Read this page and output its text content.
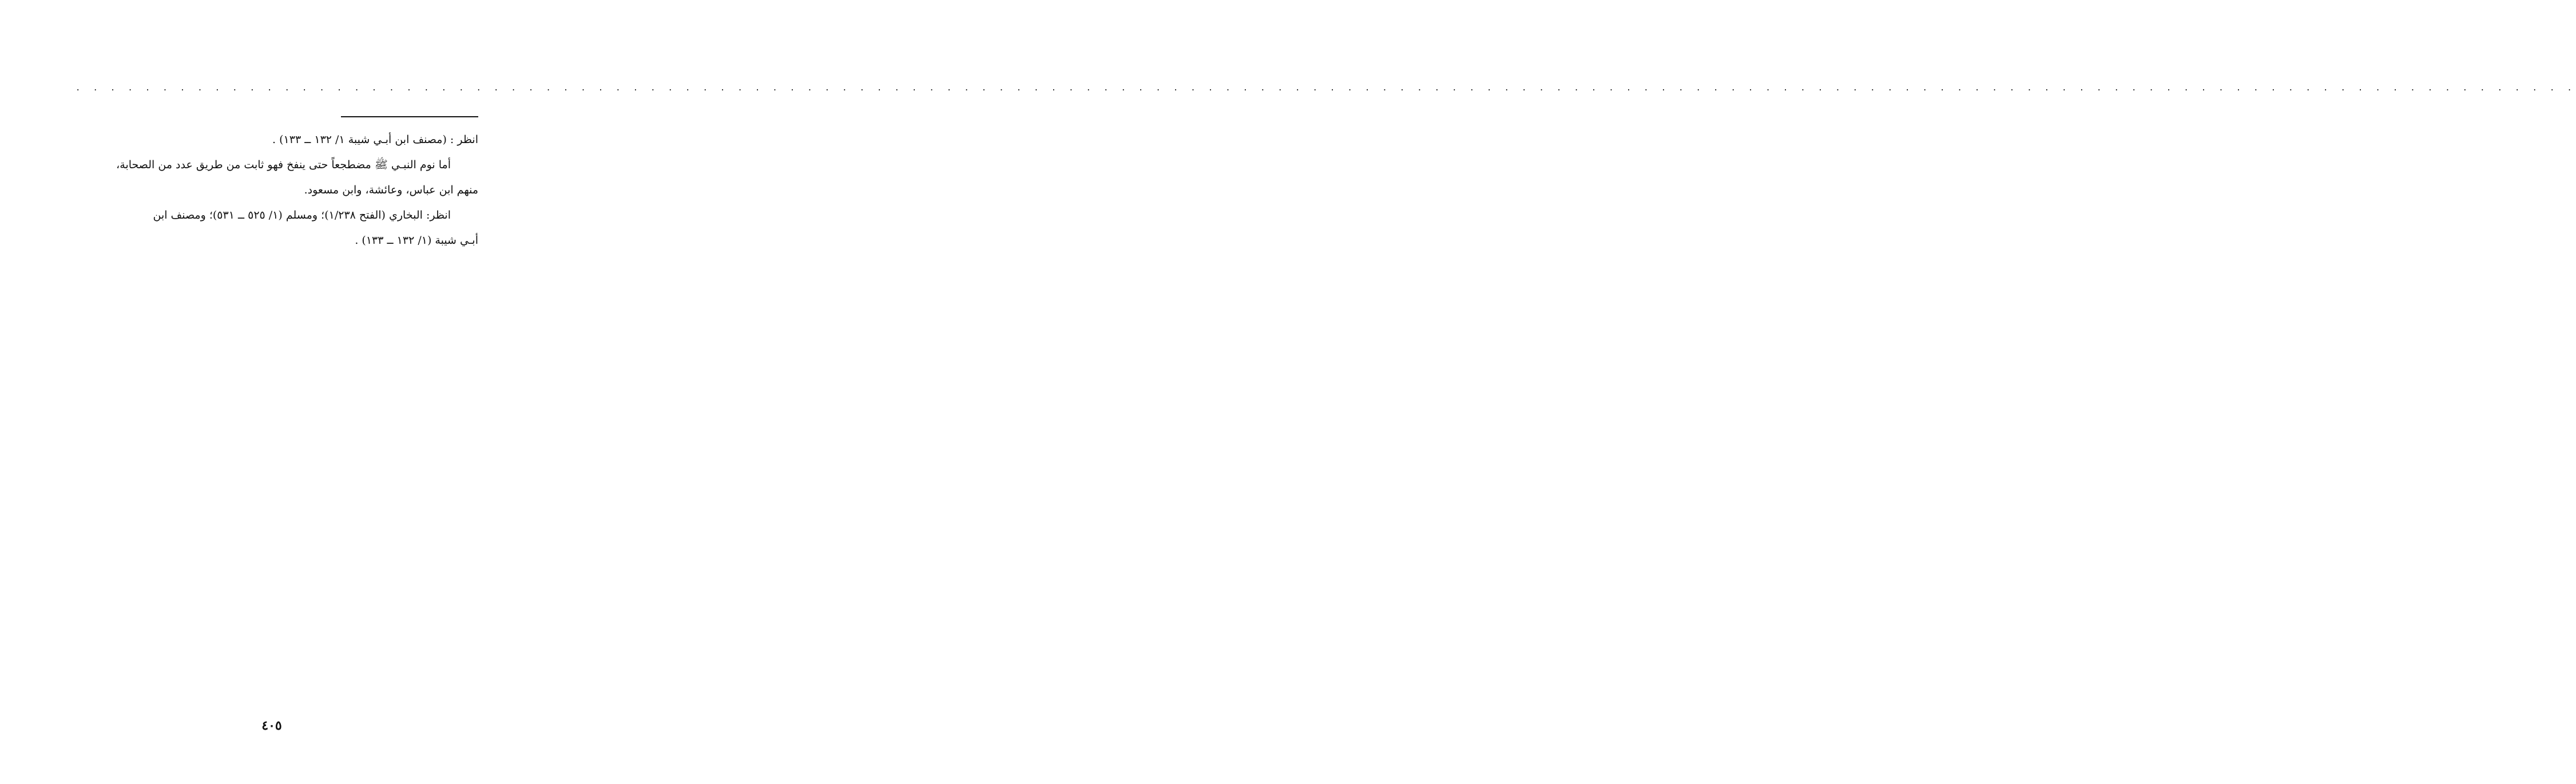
. . . . . . . . . . . . . . . . . . . . . . . . . . . . . . . . . . . . . . . . . . . . . . . . . . . . . . . . . . . . . . . . . . . . . . . . . . . . . . . . . . . . . . . . . . . . . . . . . . . . . . . . . . . . . . . . . . . . . . . . . . . . . . . . . . . . . . . . . . . . . . . .

انظر : (مصنف ابن أبـي شيبة ١/ ١٣٢ ــ ١٣٣) .

أما نوم النبـي ﷺ مضطجعاً حتى ينفخ فهو ثابت من طريق عدد من الصحابة،

منهم ابن عباس، وعائشة، وابن مسعود.

انظر: البخاري (الفتح ١/٢٣٨)؛ ومسلم (١/ ٥٢٥ ــ ٥٣١)؛ ومصنف ابن

أبـي شيبة (١/ ١٣٢ ــ ١٣٣) .

٤٠٥
